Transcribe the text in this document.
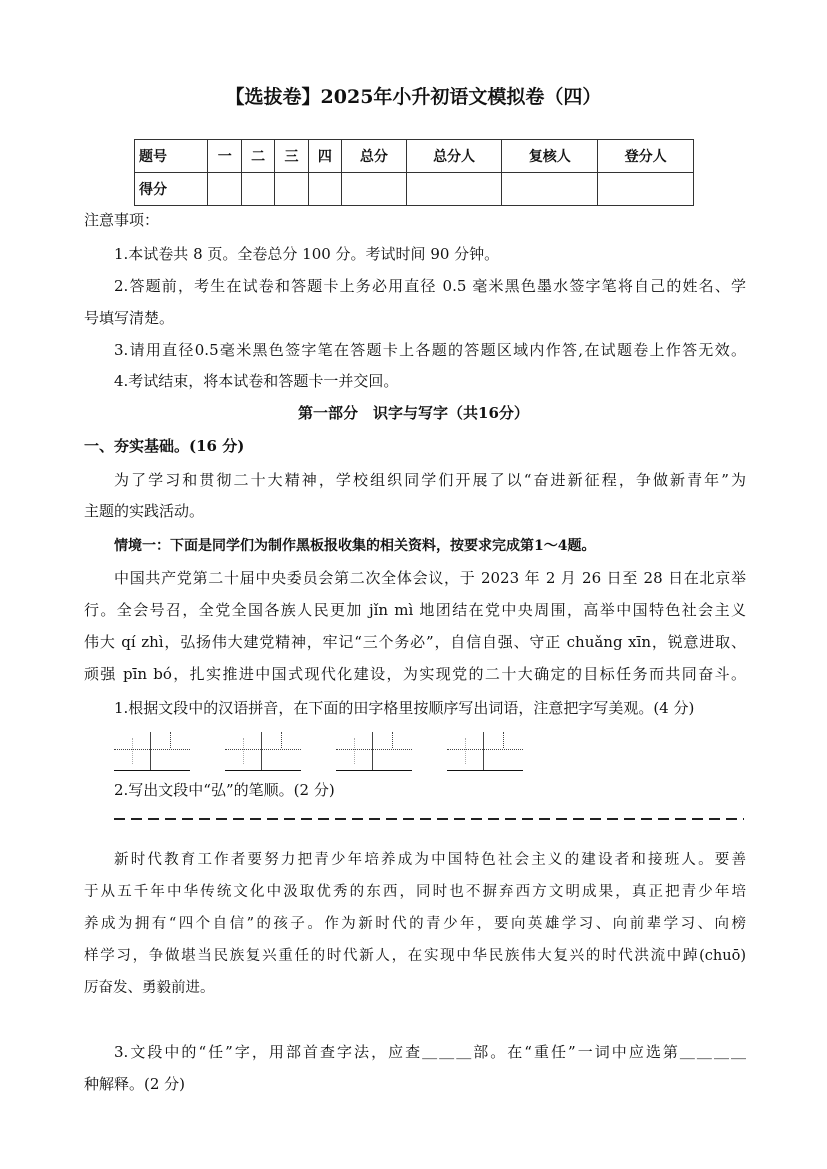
【选拔卷】2025年小升初语文模拟卷（四）
题号	一	二	三	四	总分	总分人	复核人	登分人
得分								
注意事项：
1.本试卷共 8 页。全卷总分 100 分。考试时间 90 分钟。
2.答题前，考生在试卷和答题卡上务必用直径 0.5 毫米黑色墨水签字笔将自己的姓名、学
号填写清楚。
3.请用直径0.5毫米黑色签字笔在答题卡上各题的答题区域内作答,在试题卷上作答无效。
4.考试结束，将本试卷和答题卡一并交回。
第一部分　识字与写字（共16分）
一、夯实基础。(16 分)
为了学习和贯彻二十大精神，学校组织同学们开展了以“奋进新征程，争做新青年”为
主题的实践活动。
情境一：下面是同学们为制作黑板报收集的相关资料，按要求完成第1～4题。
中国共产党第二十届中央委员会第二次全体会议，于 2023 年 2 月 26 日至 28 日在北京举
行。全会号召，全党全国各族人民更加 jǐn mì 地团结在党中央周围，高举中国特色社会主义
伟大 qí zhì，弘扬伟大建党精神，牢记“三个务必”，自信自强、守正 chuǎng xīn，锐意进取、
顽强 pīn bó，扎实推进中国式现代化建设，为实现党的二十大确定的目标任务而共同奋斗。
1.根据文段中的汉语拼音，在下面的田字格里按顺序写出词语，注意把字写美观。(4 分)
2.写出文段中“弘”的笔顺。(2 分)
新时代教育工作者要努力把青少年培养成为中国特色社会主义的建设者和接班人。要善
于从五千年中华传统文化中汲取优秀的东西，同时也不摒弃西方文明成果，真正把青少年培
养成为拥有“四个自信”的孩子。作为新时代的青少年，要向英雄学习、向前辈学习、向榜
样学习，争做堪当民族复兴重任的时代新人，在实现中华民族伟大复兴的时代洪流中踔(chuō)
厉奋发、勇毅前进。
3.文段中的“任”字，用部首查字法，应查＿＿＿部。在“重任”一词中应选第＿＿＿＿
种解释。(2 分)
